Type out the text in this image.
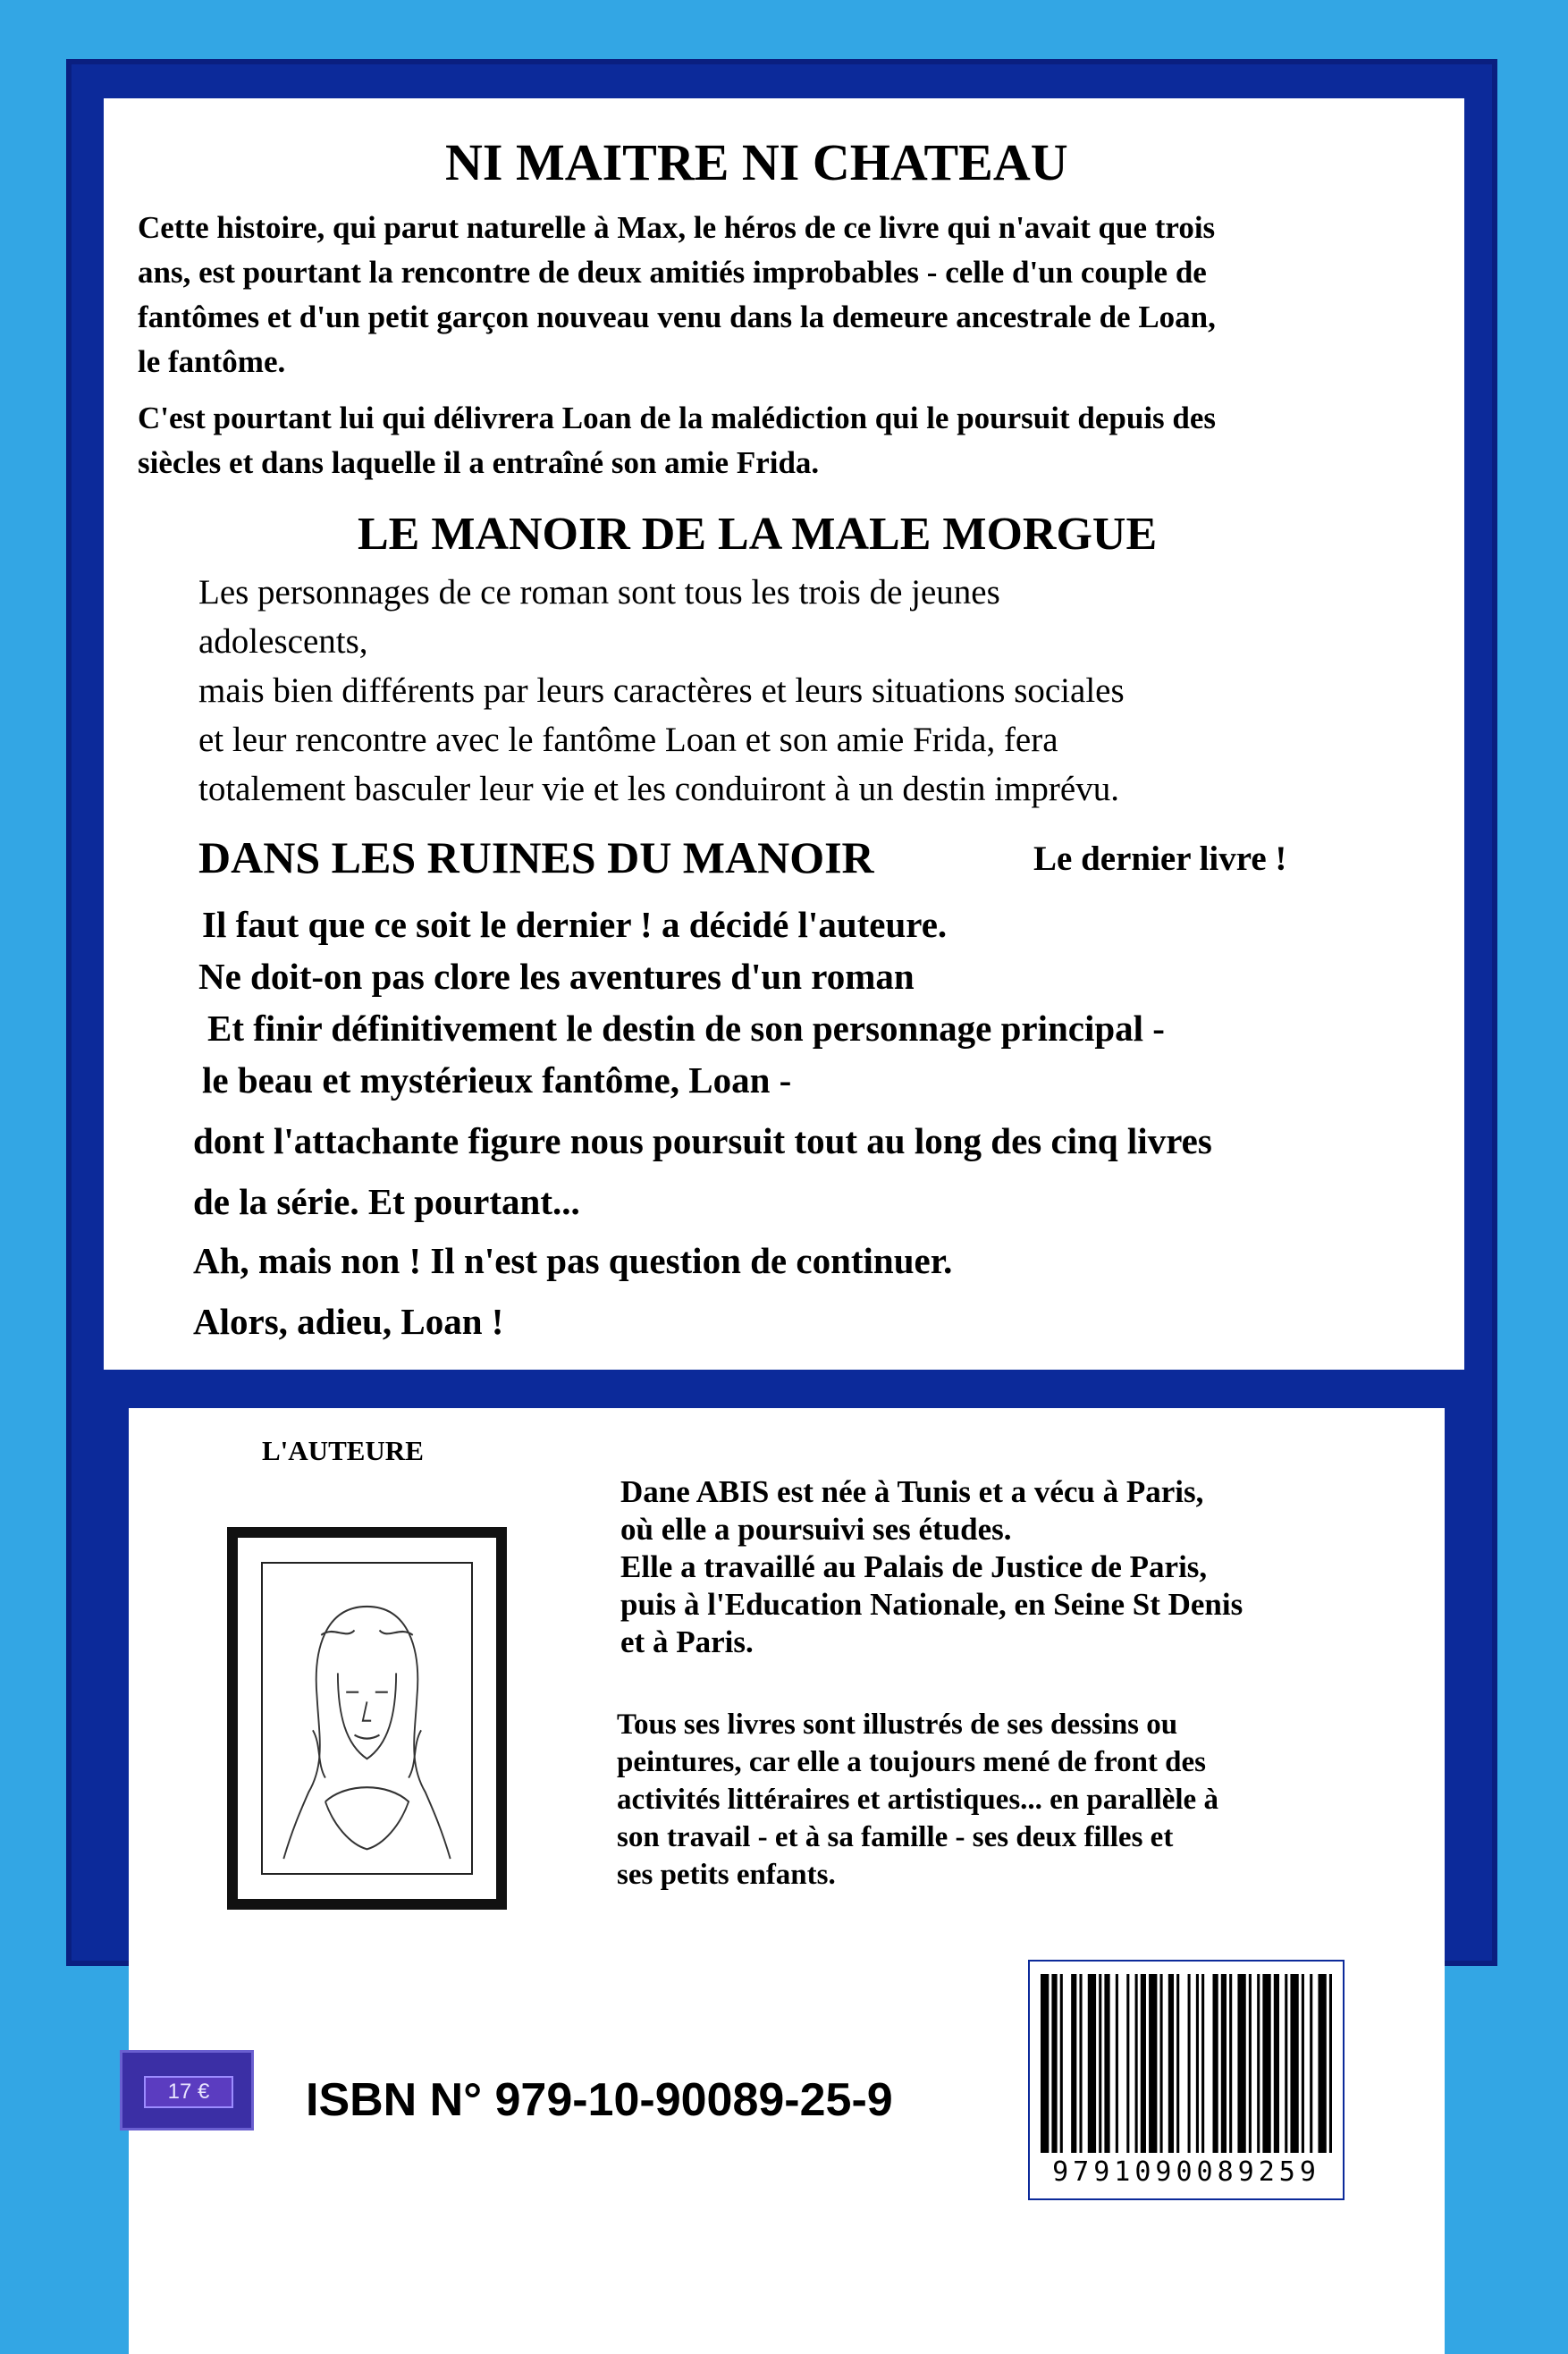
NI MAITRE NI CHATEAU

Cette histoire, qui parut naturelle à Max, le héros de ce livre qui n'avait que trois
ans, est pourtant la rencontre de deux amitiés improbables - celle d'un couple de
fantômes et d'un petit garçon nouveau venu dans la demeure ancestrale de Loan,
le fantôme.

C'est pourtant lui qui délivrera Loan de la malédiction qui le poursuit depuis des
siècles et dans laquelle il a entraîné son amie Frida.

LE MANOIR DE LA MALE MORGUE

Les personnages de ce roman sont tous les trois de jeunes
adolescents,
mais bien différents par leurs caractères et leurs situations sociales
et leur rencontre avec le fantôme Loan et son amie Frida, fera
totalement basculer leur vie et les conduiront à un destin imprévu.

DANS LES RUINES DU MANOIR	Le dernier livre !

Il faut que ce soit le dernier ! a décidé l'auteure.

Ne doit-on pas clore les aventures d'un roman

Et finir définitivement le destin de son personnage principal -

le beau et mystérieux fantôme, Loan -

dont l'attachante figure nous poursuit tout au long des cinq livres

de la série. Et pourtant...

Ah, mais non ! Il n'est pas question de continuer.

Alors, adieu, Loan !

L'AUTEURE

Dane ABIS est née à Tunis et a vécu à Paris,
où elle a poursuivi ses études.
Elle a travaillé au Palais de Justice de Paris,
puis à l'Education Nationale, en Seine St Denis
et à Paris.

Tous ses livres sont illustrés de ses dessins ou
peintures, car elle a toujours mené de front des
activités littéraires et artistiques... en parallèle à
son travail - et à sa famille - ses deux filles et
ses petits enfants.

17 €	ISBN N° 979-10-90089-25-9
9791090089259
